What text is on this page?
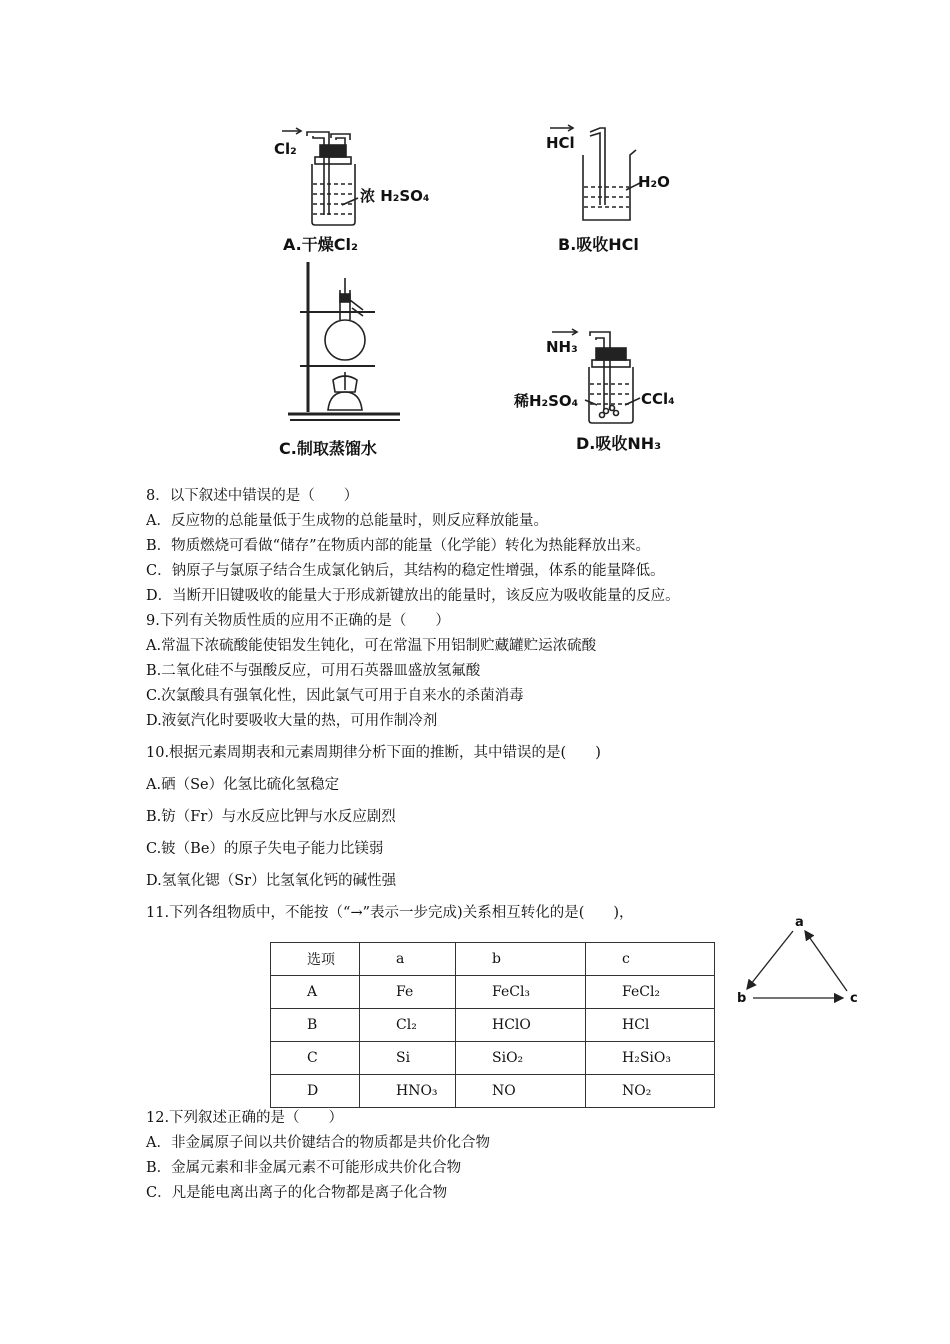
Cl₂
浓 H₂SO₄
A.干燥Cl₂
HCl
H₂O
B.吸收HCl
C.制取蒸馏水
NH₃
稀H₂SO₄	CCl₄
D.吸收NH₃
8．以下叙述中错误的是（　　）
A．反应物的总能量低于生成物的总能量时，则反应释放能量。
B．物质燃烧可看做“储存”在物质内部的能量（化学能）转化为热能释放出来。
C．钠原子与氯原子结合生成氯化钠后，其结构的稳定性增强，体系的能量降低。
D．当断开旧键吸收的能量大于形成新键放出的能量时，该反应为吸收能量的反应。
9.下列有关物质性质的应用不正确的是（　　）
A.常温下浓硫酸能使铝发生钝化，可在常温下用铝制贮藏罐贮运浓硫酸
B.二氧化硅不与强酸反应，可用石英器皿盛放氢氟酸
C.次氯酸具有强氧化性，因此氯气可用于自来水的杀菌消毒
D.液氨汽化时要吸收大量的热，可用作制冷剂
10.根据元素周期表和元素周期律分析下面的推断，其中错误的是(　　)
A.硒（Se）化氢比硫化氢稳定
B.钫（Fr）与水反应比钾与水反应剧烈
C.铍（Be）的原子失电子能力比镁弱
D.氢氧化锶（Sr）比氢氧化钙的碱性强
11.下列各组物质中，不能按（“→”表示一步完成)关系相互转化的是(　　)，
选项	a	b	c
A	Fe	FeCl₃	FeCl₂
B	Cl₂	HClO	HCl
C	Si	SiO₂	H₂SiO₃
D	HNO₃	NO	NO₂
a
b	c
12.下列叙述正确的是（　　）
A．非金属原子间以共价键结合的物质都是共价化合物
B．金属元素和非金属元素不可能形成共价化合物
C．凡是能电离出离子的化合物都是离子化合物
